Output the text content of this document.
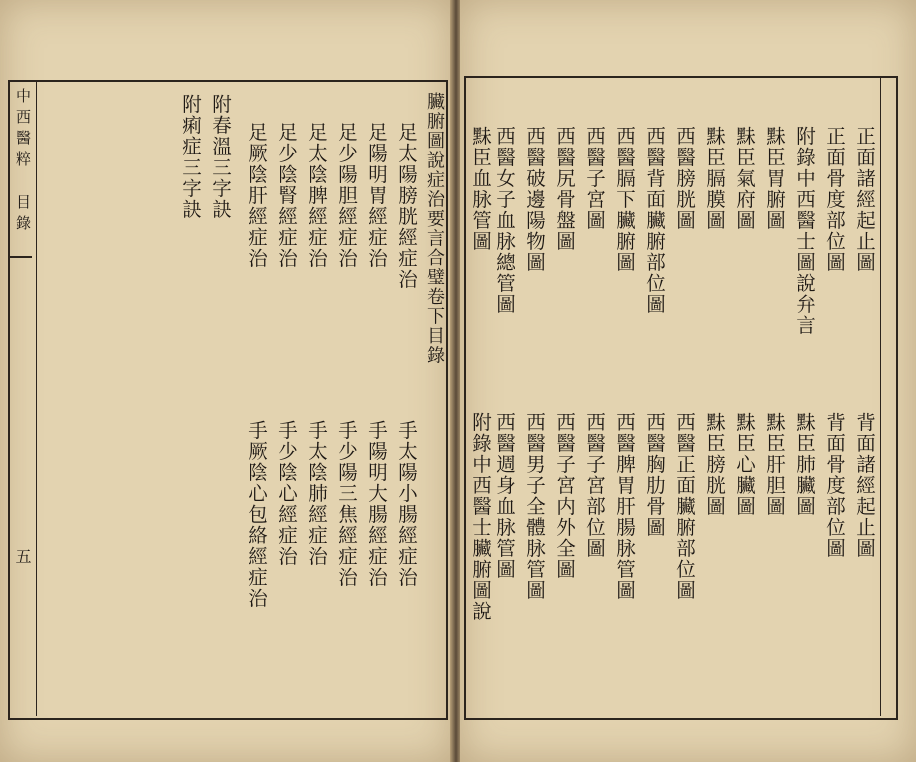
中西醫粹目錄
五
臟腑圖說症治要言合璧卷下目錄
足太陽膀胱經症治
足陽明胃經症治
足少陽胆經症治
足太陰脾經症治
足少陰腎經症治
足厥陰肝經症治
手太陽小腸經症治
手陽明大腸經症治
手少陽三焦經症治
手太陰肺經症治
手少陰心經症治
手厥陰心包絡經症治
附春溫三字訣
附痢症三字訣	正面諸經起止圖
正面骨度部位圖
附錄中西醫士圖說弁言
䵢臣胃腑圖
䵢臣氣府圖
䵢臣膈膜圖
西醫膀胱圖
西醫背面臟腑部位圖
西醫膈下臟腑圖
西醫子宮圖
西醫尻骨盤圖
西醫破邊陽物圖
西醫女子血脉總管圖
䵢臣血脉管圖
背面諸經起止圖
背面骨度部位圖
䵢臣肺臟圖
䵢臣肝胆圖
䵢臣心臟圖
䵢臣膀胱圖
西醫正面臟腑部位圖
西醫胸肋骨圖
西醫脾胃肝腸脉管圖
西醫子宮部位圖
西醫子宮内外全圖
西醫男子全體脉管圖
西醫週身血脉管圖
附錄中西醫士臟腑圖說
